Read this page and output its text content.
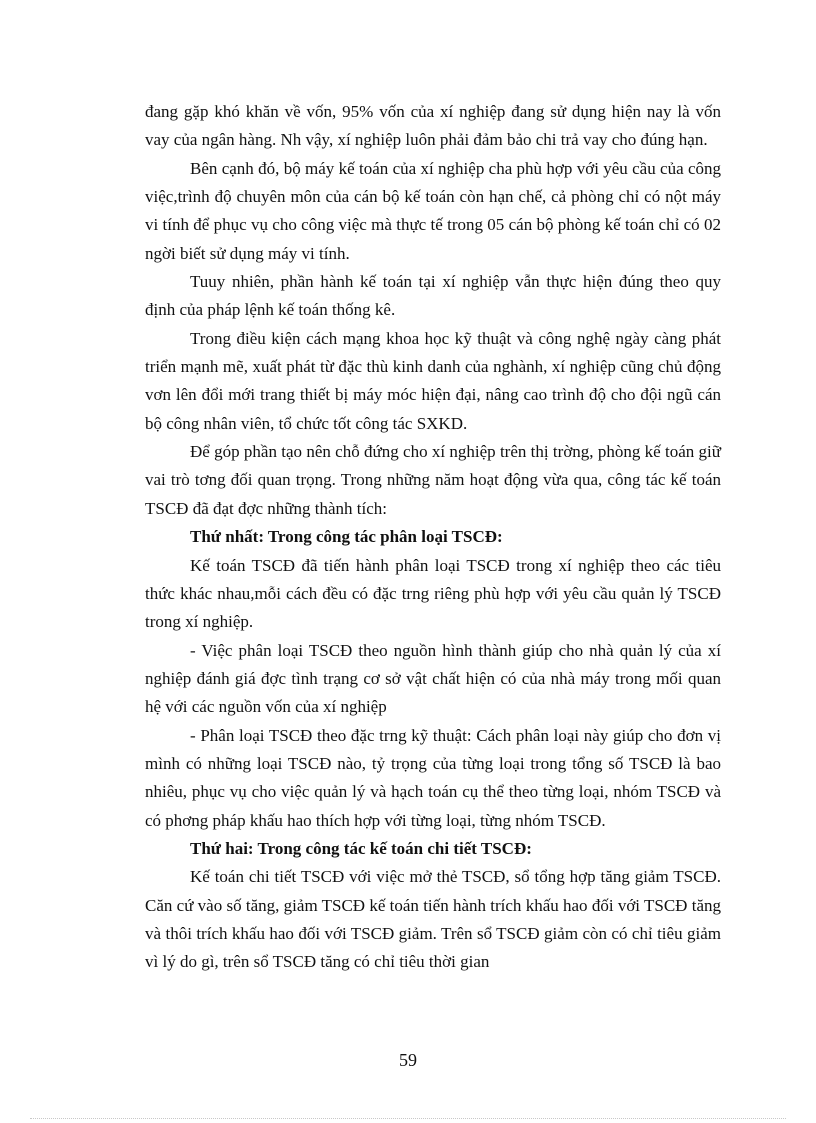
đang gặp khó khăn về vốn, 95% vốn của xí nghiệp đang sử dụng hiện nay là vốn vay của ngân hàng. Nh vậy, xí nghiệp luôn phải đảm bảo chi trả vay cho đúng hạn.

Bên cạnh đó, bộ máy kế toán của xí nghiệp cha phù hợp với yêu cầu của công việc,trình độ chuyên môn của cán bộ kế toán còn hạn chế, cả phòng chỉ có nột máy vi tính để phục vụ cho công việc mà thực tế trong 05 cán bộ phòng kế toán chỉ có 02 ngời biết sử dụng máy vi tính.

Tuuy nhiên, phần hành kế toán tại xí nghiệp vẫn thực hiện đúng theo quy định của pháp lệnh kế toán thống kê.

Trong điều kiện cách mạng khoa học kỹ thuật và công nghệ ngày càng phát triển mạnh mẽ, xuất phát từ đặc thù kinh danh của nghành, xí nghiệp cũng chủ động vơn lên đổi mới trang thiết bị máy móc hiện đại, nâng cao trình độ cho đội ngũ cán bộ công nhân viên, tổ chức tốt công tác SXKD.

Để góp phần tạo nên chỗ đứng cho xí nghiệp trên thị trờng, phòng kế toán giữ vai trò tơng đối quan trọng. Trong những năm hoạt động vừa qua, công tác kế toán TSCĐ đã đạt đợc những thành tích:

Thứ nhất: Trong công tác phân loại TSCĐ:

Kế toán TSCĐ đã tiến hành phân loại TSCĐ trong xí nghiệp theo các tiêu thức khác nhau,mỗi cách đều có đặc trng riêng phù hợp với yêu cầu quản lý TSCĐ trong xí nghiệp.

- Việc phân loại TSCĐ theo nguồn hình thành giúp cho nhà quản lý của xí nghiệp đánh giá đợc tình trạng cơ sở vật chất hiện có của nhà máy trong mối quan hệ với các nguồn vốn của xí nghiệp

- Phân loại TSCĐ theo đặc trng kỹ thuật: Cách phân loại này giúp cho đơn vị mình có những loại TSCĐ nào, tỷ trọng của từng loại trong tổng số TSCĐ là bao nhiêu, phục vụ cho việc quản lý và hạch toán cụ thể theo từng loại, nhóm TSCĐ và có phơng pháp khấu hao thích hợp với từng loại, từng nhóm TSCĐ.

Thứ hai: Trong công tác kế toán chi tiết TSCĐ:

Kế toán chi tiết TSCĐ với việc mở thẻ TSCĐ, sổ tổng hợp tăng giảm TSCĐ. Căn cứ vào số tăng, giảm TSCĐ kế toán tiến hành trích khấu hao đối với TSCĐ tăng và thôi trích khấu hao đối với TSCĐ giảm. Trên sổ TSCĐ giảm còn có chỉ tiêu giảm vì lý do gì, trên sổ TSCĐ tăng có chỉ tiêu thời gian

59
